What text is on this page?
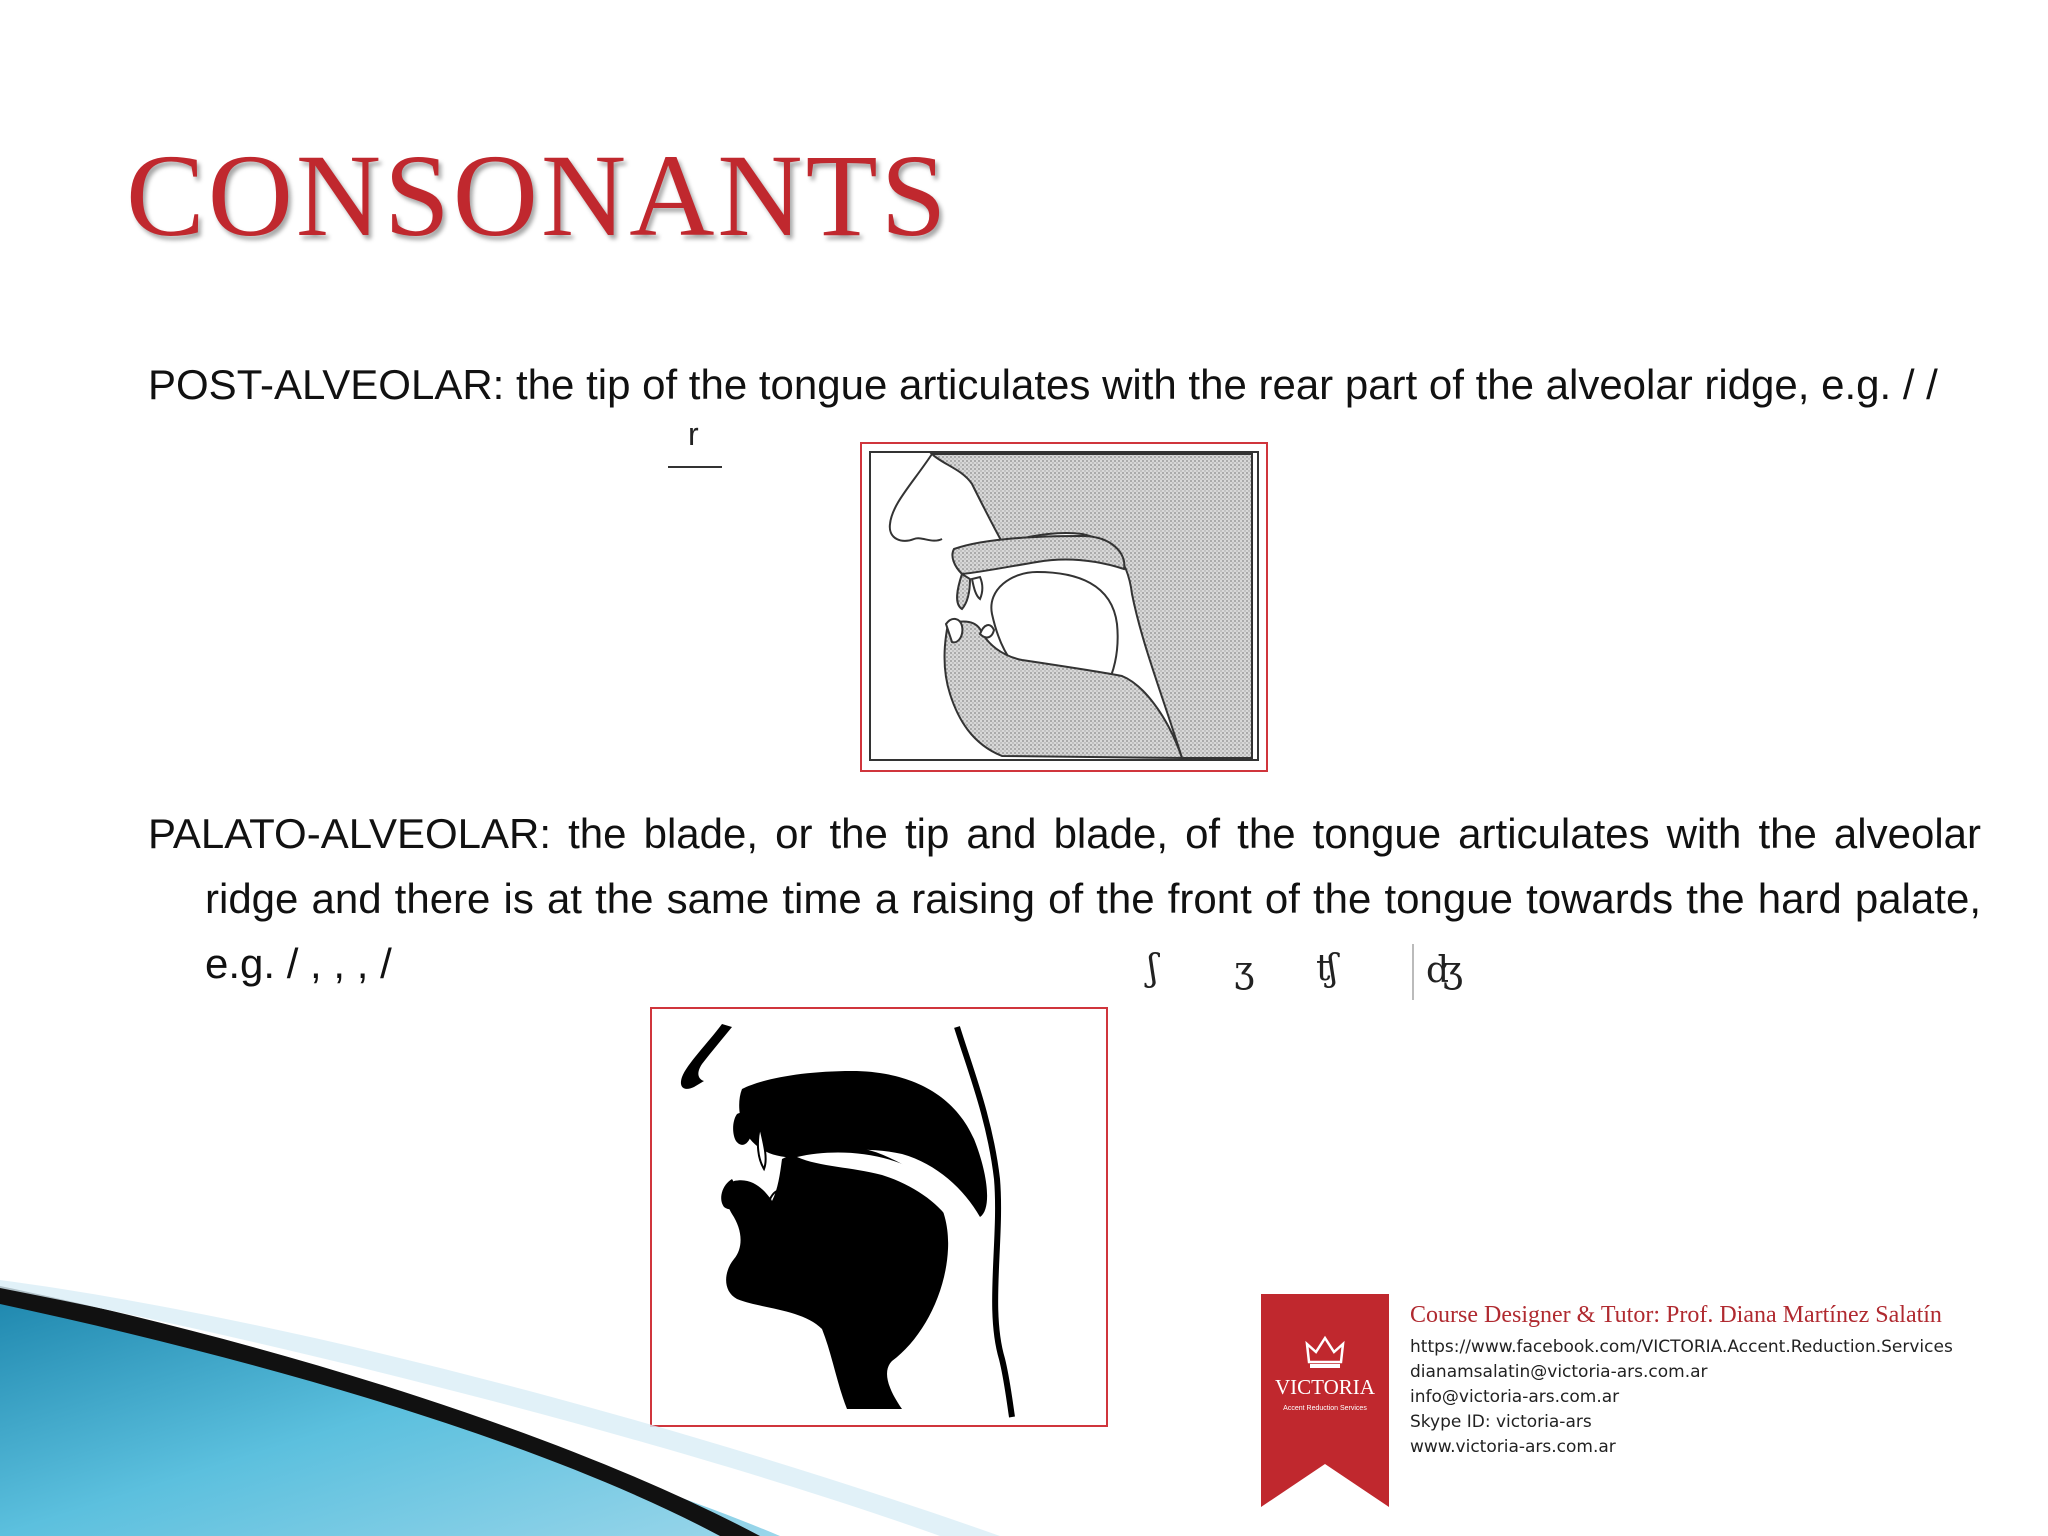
CONSONANTS

POST-ALVEOLAR: the tip of the tongue articulates with the rear part of the alveolar ridge, e.g. / /

r

PALATO-ALVEOLAR: the blade, or the tip and blade, of the tongue articulates with the alveolar ridge and there is at the same time a raising of the front of the tongue towards the hard palate, e.g. / , , , /	ʃ ʒ ʧ ʤ
VICTORIA
Accent Reduction Services
Course Designer & Tutor: Prof. Diana Martínez Salatín
https://www.facebook.com/VICTORIA.Accent.Reduction.Services
dianamsalatin@victoria-ars.com.ar
info@victoria-ars.com.ar
Skype ID: victoria-ars
www.victoria-ars.com.ar
